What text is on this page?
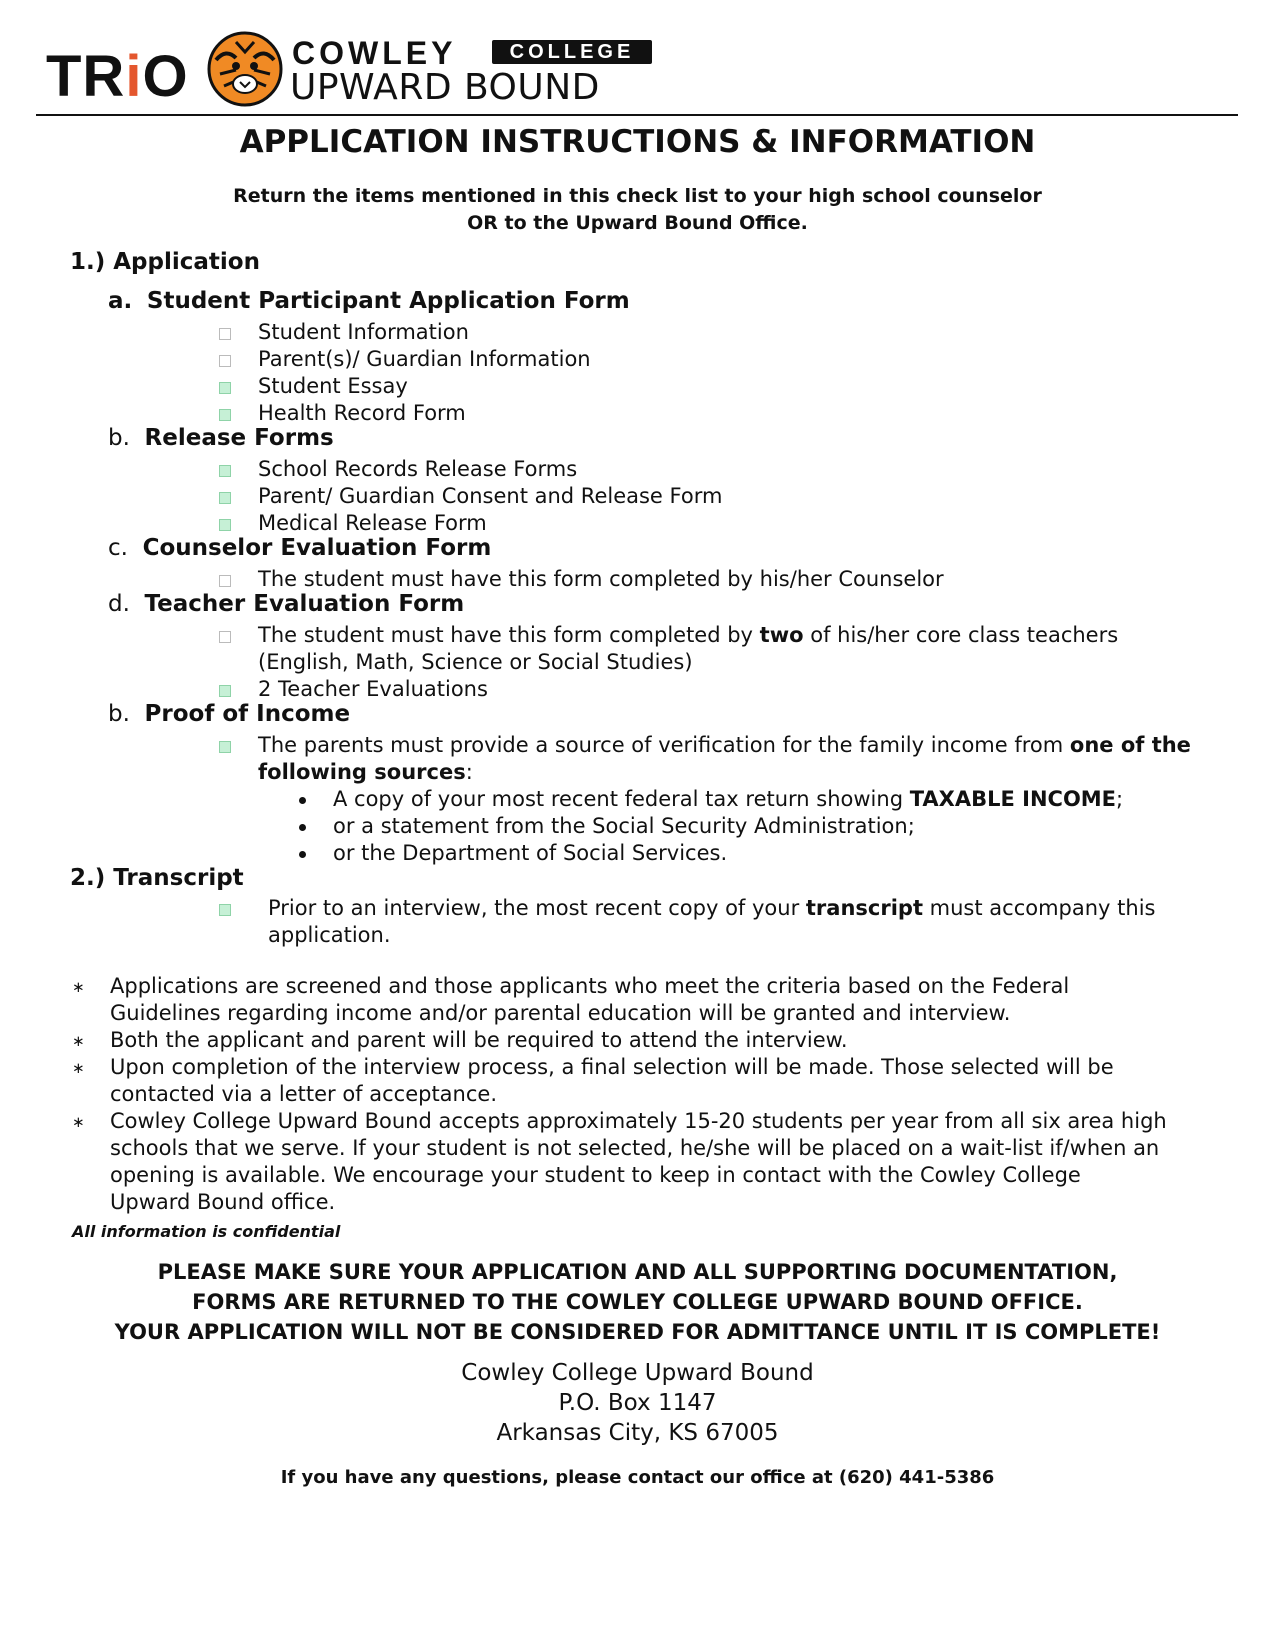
TRiO	COWLEY	COLLEGE
UPWARD BOUND
APPLICATION INSTRUCTIONS & INFORMATION
Return the items mentioned in this check list to your high school counselor
OR to the Upward Bound Office.
1.) Application
a. Student Participant Application Form
Student Information
Parent(s)/ Guardian Information
Student Essay
Health Record Form
b. Release Forms
School Records Release Forms
Parent/ Guardian Consent and Release Form
Medical Release Form
c. Counselor Evaluation Form
The student must have this form completed by his/her Counselor
d. Teacher Evaluation Form
The student must have this form completed by two of his/her core class teachers
(English, Math, Science or Social Studies)
2 Teacher Evaluations
b. Proof of Income
The parents must provide a source of verification for the family income from one of the
following sources:
A copy of your most recent federal tax return showing TAXABLE INCOME;
or a statement from the Social Security Administration;
or the Department of Social Services.
2.) Transcript
Prior to an interview, the most recent copy of your transcript must accompany this
application.
∗ Applications are screened and those applicants who meet the criteria based on the Federal
Guidelines regarding income and/or parental education will be granted and interview.
∗ Both the applicant and parent will be required to attend the interview.
∗ Upon completion of the interview process, a final selection will be made. Those selected will be
contacted via a letter of acceptance.
∗ Cowley College Upward Bound accepts approximately 15-20 students per year from all six area high
schools that we serve. If your student is not selected, he/she will be placed on a wait-list if/when an
opening is available. We encourage your student to keep in contact with the Cowley College
Upward Bound office.
All information is confidential
PLEASE MAKE SURE YOUR APPLICATION AND ALL SUPPORTING DOCUMENTATION,
FORMS ARE RETURNED TO THE COWLEY COLLEGE UPWARD BOUND OFFICE.
YOUR APPLICATION WILL NOT BE CONSIDERED FOR ADMITTANCE UNTIL IT IS COMPLETE!
Cowley College Upward Bound
P.O. Box 1147
Arkansas City, KS 67005
If you have any questions, please contact our office at (620) 441-5386
